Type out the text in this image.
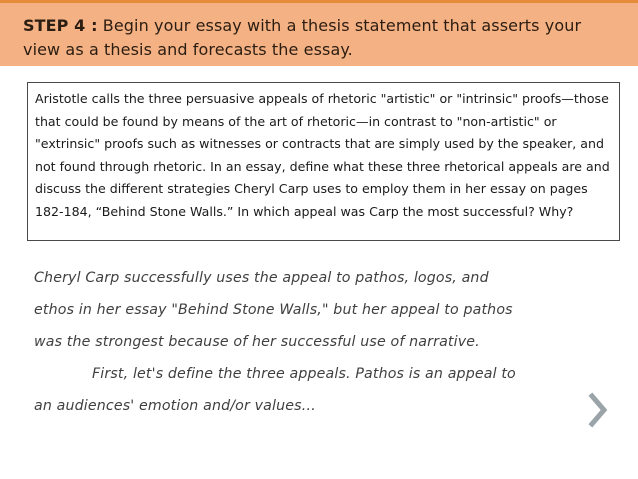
STEP 4 : Begin your essay with a thesis statement that asserts your view as a thesis and forecasts the essay.
Aristotle calls the three persuasive appeals of rhetoric "artistic" or "intrinsic" proofs—those that could be found by means of the art of rhetoric—in contrast to "non-artistic" or "extrinsic" proofs such as witnesses or contracts that are simply used by the speaker, and not found through rhetoric. In an essay, define what these three rhetorical appeals are and discuss the different strategies Cheryl Carp uses to employ them in her essay on pages 182-184, “Behind Stone Walls.” In which appeal was Carp the most successful? Why?
Cheryl Carp successfully uses the appeal to pathos, logos, and
ethos in her essay "Behind Stone Walls," but her appeal to pathos
was the strongest because of her successful use of narrative.
First, let's define the three appeals. Pathos is an appeal to
an audiences' emotion and/or values…
